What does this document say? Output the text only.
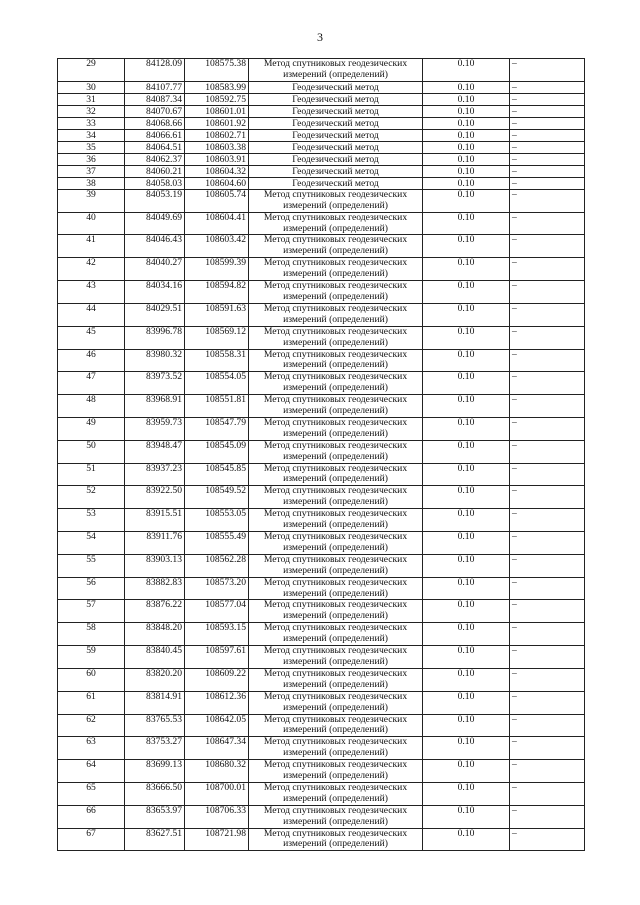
3
29	84128.09	108575.38	Метод спутниковых геодезических
измерений (определений)	0.10	–
30	84107.77	108583.99	Геодезический метод	0.10	–
31	84087.34	108592.75	Геодезический метод	0.10	–
32	84070.67	108601.01	Геодезический метод	0.10	–
33	84068.66	108601.92	Геодезический метод	0.10	–
34	84066.61	108602.71	Геодезический метод	0.10	–
35	84064.51	108603.38	Геодезический метод	0.10	–
36	84062.37	108603.91	Геодезический метод	0.10	–
37	84060.21	108604.32	Геодезический метод	0.10	–
38	84058.03	108604.60	Геодезический метод	0.10	–
39	84053.19	108605.74	Метод спутниковых геодезических
измерений (определений)	0.10	–
40	84049.69	108604.41	Метод спутниковых геодезических
измерений (определений)	0.10	–
41	84046.43	108603.42	Метод спутниковых геодезических
измерений (определений)	0.10	–
42	84040.27	108599.39	Метод спутниковых геодезических
измерений (определений)	0.10	–
43	84034.16	108594.82	Метод спутниковых геодезических
измерений (определений)	0.10	–
44	84029.51	108591.63	Метод спутниковых геодезических
измерений (определений)	0.10	–
45	83996.78	108569.12	Метод спутниковых геодезических
измерений (определений)	0.10	–
46	83980.32	108558.31	Метод спутниковых геодезических
измерений (определений)	0.10	–
47	83973.52	108554.05	Метод спутниковых геодезических
измерений (определений)	0.10	–
48	83968.91	108551.81	Метод спутниковых геодезических
измерений (определений)	0.10	–
49	83959.73	108547.79	Метод спутниковых геодезических
измерений (определений)	0.10	–
50	83948.47	108545.09	Метод спутниковых геодезических
измерений (определений)	0.10	–
51	83937.23	108545.85	Метод спутниковых геодезических
измерений (определений)	0.10	–
52	83922.50	108549.52	Метод спутниковых геодезических
измерений (определений)	0.10	–
53	83915.51	108553.05	Метод спутниковых геодезических
измерений (определений)	0.10	–
54	83911.76	108555.49	Метод спутниковых геодезических
измерений (определений)	0.10	–
55	83903.13	108562.28	Метод спутниковых геодезических
измерений (определений)	0.10	–
56	83882.83	108573.20	Метод спутниковых геодезических
измерений (определений)	0.10	–
57	83876.22	108577.04	Метод спутниковых геодезических
измерений (определений)	0.10	–
58	83848.20	108593.15	Метод спутниковых геодезических
измерений (определений)	0.10	–
59	83840.45	108597.61	Метод спутниковых геодезических
измерений (определений)	0.10	–
60	83820.20	108609.22	Метод спутниковых геодезических
измерений (определений)	0.10	–
61	83814.91	108612.36	Метод спутниковых геодезических
измерений (определений)	0.10	–
62	83765.53	108642.05	Метод спутниковых геодезических
измерений (определений)	0.10	–
63	83753.27	108647.34	Метод спутниковых геодезических
измерений (определений)	0.10	–
64	83699.13	108680.32	Метод спутниковых геодезических
измерений (определений)	0.10	–
65	83666.50	108700.01	Метод спутниковых геодезических
измерений (определений)	0.10	–
66	83653.97	108706.33	Метод спутниковых геодезических
измерений (определений)	0.10	–
67	83627.51	108721.98	Метод спутниковых геодезических
измерений (определений)	0.10	–
